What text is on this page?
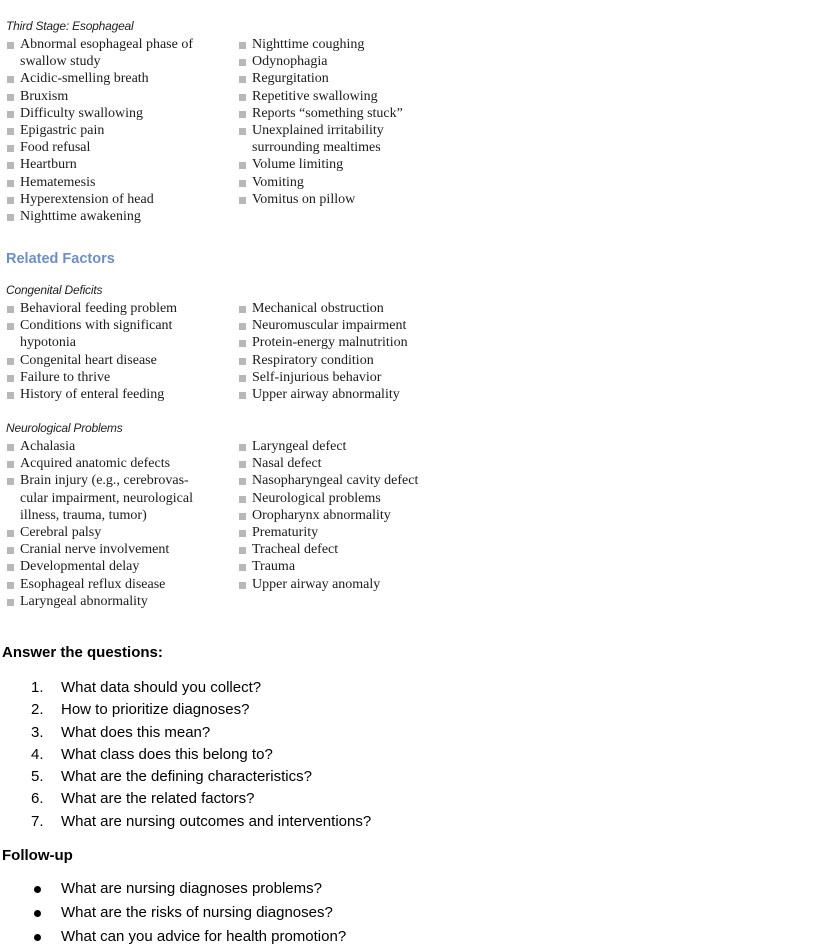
Third Stage: Esophageal
Abnormal esophageal phase of
swallow study
Acidic-smelling breath
Bruxism
Difficulty swallowing
Epigastric pain
Food refusal
Heartburn
Hematemesis
Hyperextension of head
Nighttime awakening
Nighttime coughing
Odynophagia
Regurgitation
Repetitive swallowing
Reports “something stuck”
Unexplained irritability
surrounding mealtimes
Volume limiting
Vomiting
Vomitus on pillow
Related Factors
Congenital Deficits
Behavioral feeding problem
Conditions with significant
hypotonia
Congenital heart disease
Failure to thrive
History of enteral feeding
Mechanical obstruction
Neuromuscular impairment
Protein-energy malnutrition
Respiratory condition
Self-injurious behavior
Upper airway abnormality
Neurological Problems
Achalasia
Acquired anatomic defects
Brain injury (e.g., cerebrovas-
cular impairment, neurological
illness, trauma, tumor)
Cerebral palsy
Cranial nerve involvement
Developmental delay
Esophageal reflux disease
Laryngeal abnormality
Laryngeal defect
Nasal defect
Nasopharyngeal cavity defect
Neurological problems
Oropharynx abnormality
Prematurity
Tracheal defect
Trauma
Upper airway anomaly
Answer the questions:
1. What data should you collect?
2. How to prioritize diagnoses?
3. What does this mean?
4. What class does this belong to?
5. What are the defining characteristics?
6. What are the related factors?
7. What are nursing outcomes and interventions?
Follow-up
What are nursing diagnoses problems?
What are the risks of nursing diagnoses?
What can you advice for health promotion?
